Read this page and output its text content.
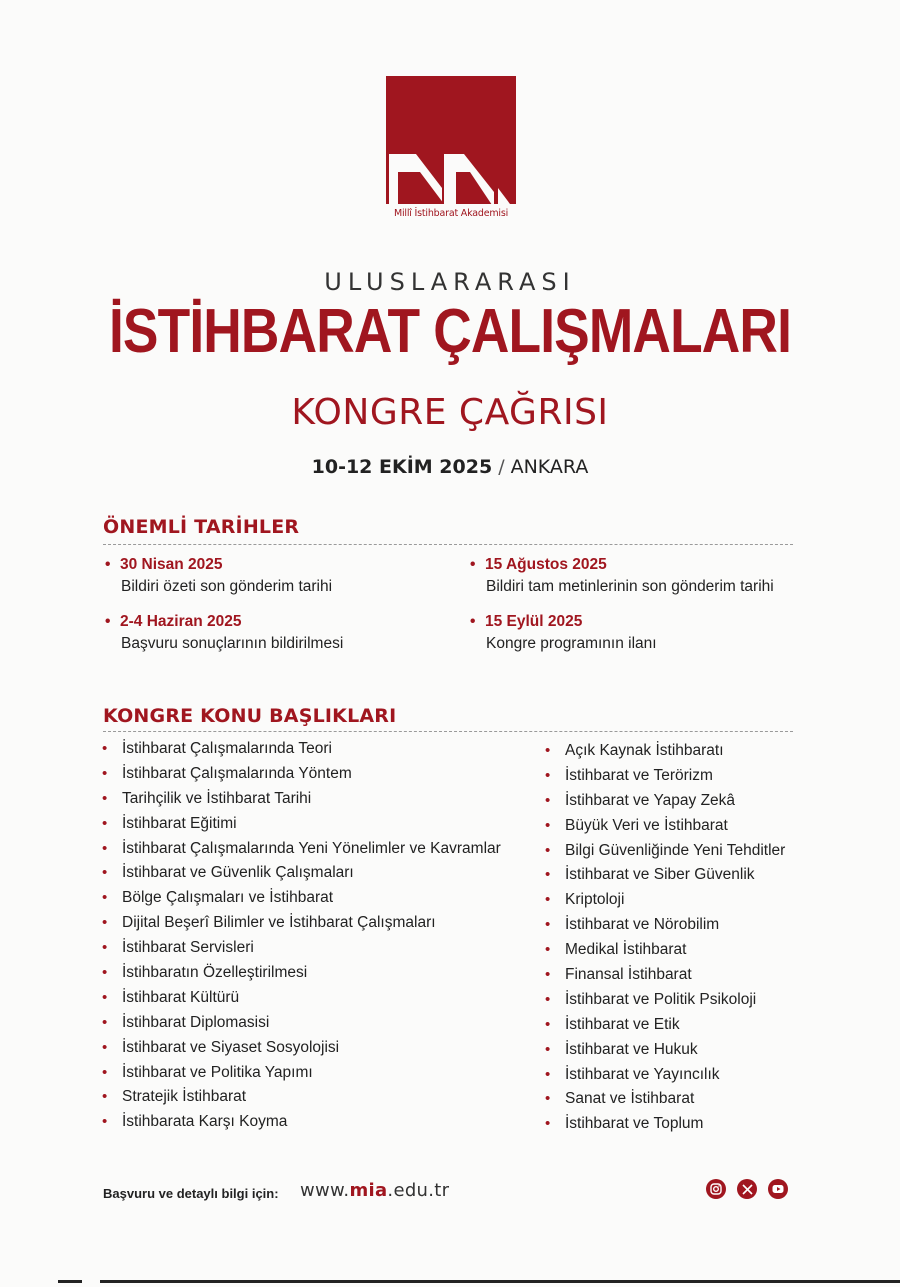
Millî İstihbarat Akademisi
ULUSLARARASI
İSTİHBARAT ÇALIŞMALARI
KONGRE ÇAĞRISI
10-12 EKİM 2025 / ANKARA
ÖNEMLİ TARİHLER
• 30 Nisan 2025
Bildiri özeti son gönderim tarihi
• 2-4 Haziran 2025
Başvuru sonuçlarının bildirilmesi
• 15 Ağustos 2025
Bildiri tam metinlerinin son gönderim tarihi
• 15 Eylül 2025
Kongre programının ilanı
KONGRE KONU BAŞLIKLARI
• İstihbarat Çalışmalarında Teori
• İstihbarat Çalışmalarında Yöntem
• Tarihçilik ve İstihbarat Tarihi
• İstihbarat Eğitimi
• İstihbarat Çalışmalarında Yeni Yönelimler ve Kavramlar
• İstihbarat ve Güvenlik Çalışmaları
• Bölge Çalışmaları ve İstihbarat
• Dijital Beşerî Bilimler ve İstihbarat Çalışmaları
• İstihbarat Servisleri
• İstihbaratın Özelleştirilmesi
• İstihbarat Kültürü
• İstihbarat Diplomasisi
• İstihbarat ve Siyaset Sosyolojisi
• İstihbarat ve Politika Yapımı
• Stratejik İstihbarat
• İstihbarata Karşı Koyma
• Açık Kaynak İstihbaratı
• İstihbarat ve Terörizm
• İstihbarat ve Yapay Zekâ
• Büyük Veri ve İstihbarat
• Bilgi Güvenliğinde Yeni Tehditler
• İstihbarat ve Siber Güvenlik
• Kriptoloji
• İstihbarat ve Nörobilim
• Medikal İstihbarat
• Finansal İstihbarat
• İstihbarat ve Politik Psikoloji
• İstihbarat ve Etik
• İstihbarat ve Hukuk
• İstihbarat ve Yayıncılık
• Sanat ve İstihbarat
• İstihbarat ve Toplum
Başvuru ve detaylı bilgi için: www.mia.edu.tr
